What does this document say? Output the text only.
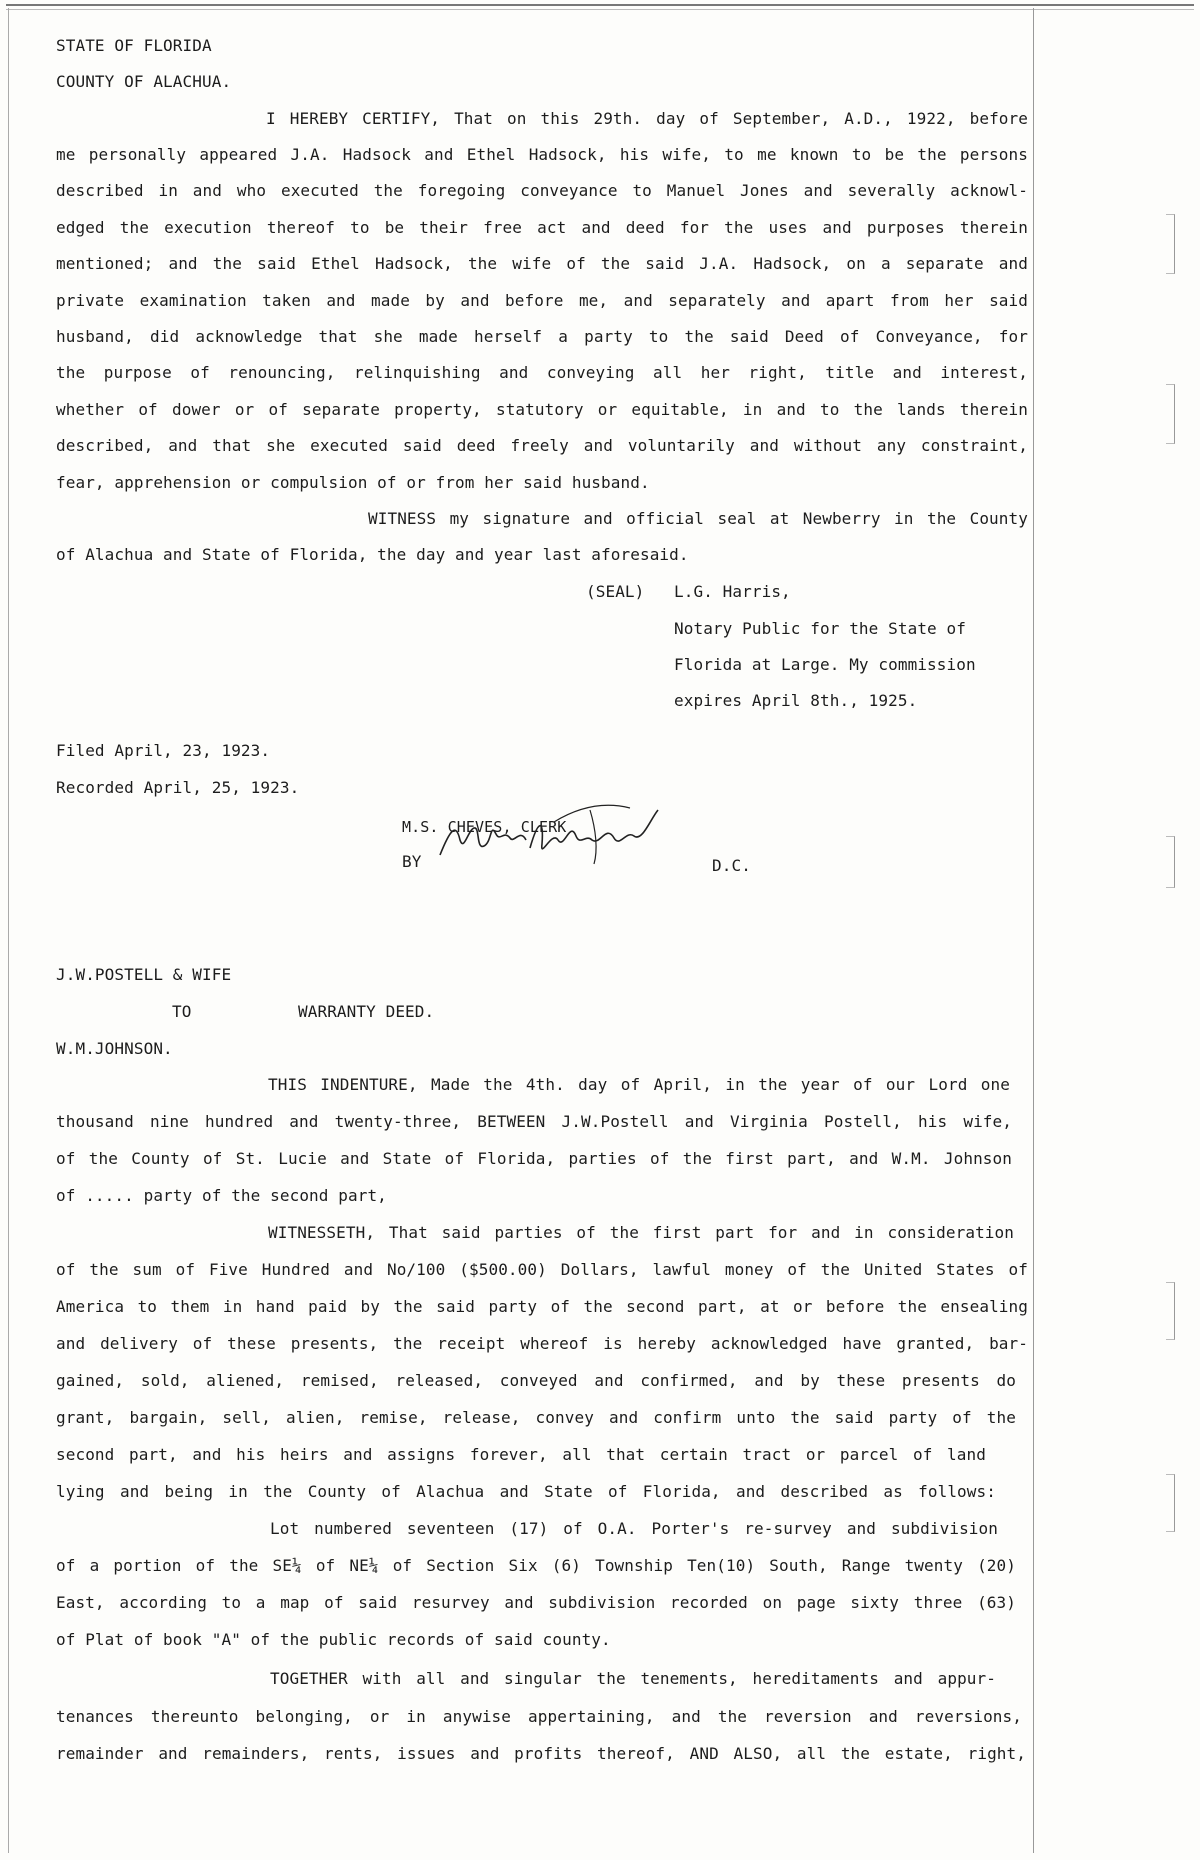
STATE OF FLORIDA
COUNTY OF ALACHUA.
I HEREBY CERTIFY, That on this 29th. day of September, A.D., 1922, before
me personally appeared J.A. Hadsock and Ethel Hadsock, his wife, to me known to be the persons
described in and who executed the foregoing conveyance to Manuel Jones and severally acknowl-
edged the execution thereof to be their free act and deed for the uses and purposes therein
mentioned; and the said Ethel Hadsock, the wife of the said J.A. Hadsock, on a separate and
private examination taken and made by and before me, and separately and apart from her said
husband, did acknowledge that she made herself a party to the said Deed of Conveyance, for
the purpose of renouncing, relinquishing and conveying all her right, title and interest,
whether of dower or of separate property, statutory or equitable, in and to the lands therein
described, and that she executed said deed freely and voluntarily and without any constraint,
fear, apprehension or compulsion of or from her said husband.
WITNESS my signature and official seal at Newberry in the County
of Alachua and State of Florida, the day and year last aforesaid.
(SEAL)	L.G. Harris,
Notary Public for the State of
Florida at Large. My commission
expires April 8th., 1925.
Filed April, 23, 1923.
Recorded April, 25, 1923.
M.S. CHEVES, CLERK
BY	D.C.
J.W.POSTELL & WIFE
TO	WARRANTY DEED.
W.M.JOHNSON.
THIS INDENTURE, Made the 4th. day of April, in the year of our Lord one
thousand nine hundred and twenty-three, BETWEEN J.W.Postell and Virginia Postell, his wife,
of the County of St. Lucie and State of Florida, parties of the first part, and W.M. Johnson
of ..... party of the second part,
WITNESSETH, That said parties of the first part for and in consideration
of the sum of Five Hundred and No/100 ($500.00) Dollars, lawful money of the United States of
America to them in hand paid by the said party of the second part, at or before the ensealing
and delivery of these presents, the receipt whereof is hereby acknowledged have granted, bar-
gained, sold, aliened, remised, released, conveyed and confirmed, and by these presents do
grant, bargain, sell, alien, remise, release, convey and confirm unto the said party of the
second part, and his heirs and assigns forever, all that certain tract or parcel of land
lying and being in the County of Alachua and State of Florida, and described as follows:
Lot numbered seventeen (17) of O.A. Porter's re-survey and subdivision
of a portion of the SE¼ of NE¼ of Section Six (6) Township Ten(10) South, Range twenty (20)
East, according to a map of said resurvey and subdivision recorded on page sixty three (63)
of Plat of book "A" of the public records of said county.
TOGETHER with all and singular the tenements, hereditaments and appur-
tenances thereunto belonging, or in anywise appertaining, and the reversion and reversions,
remainder and remainders, rents, issues and profits thereof, AND ALSO, all the estate, right,
